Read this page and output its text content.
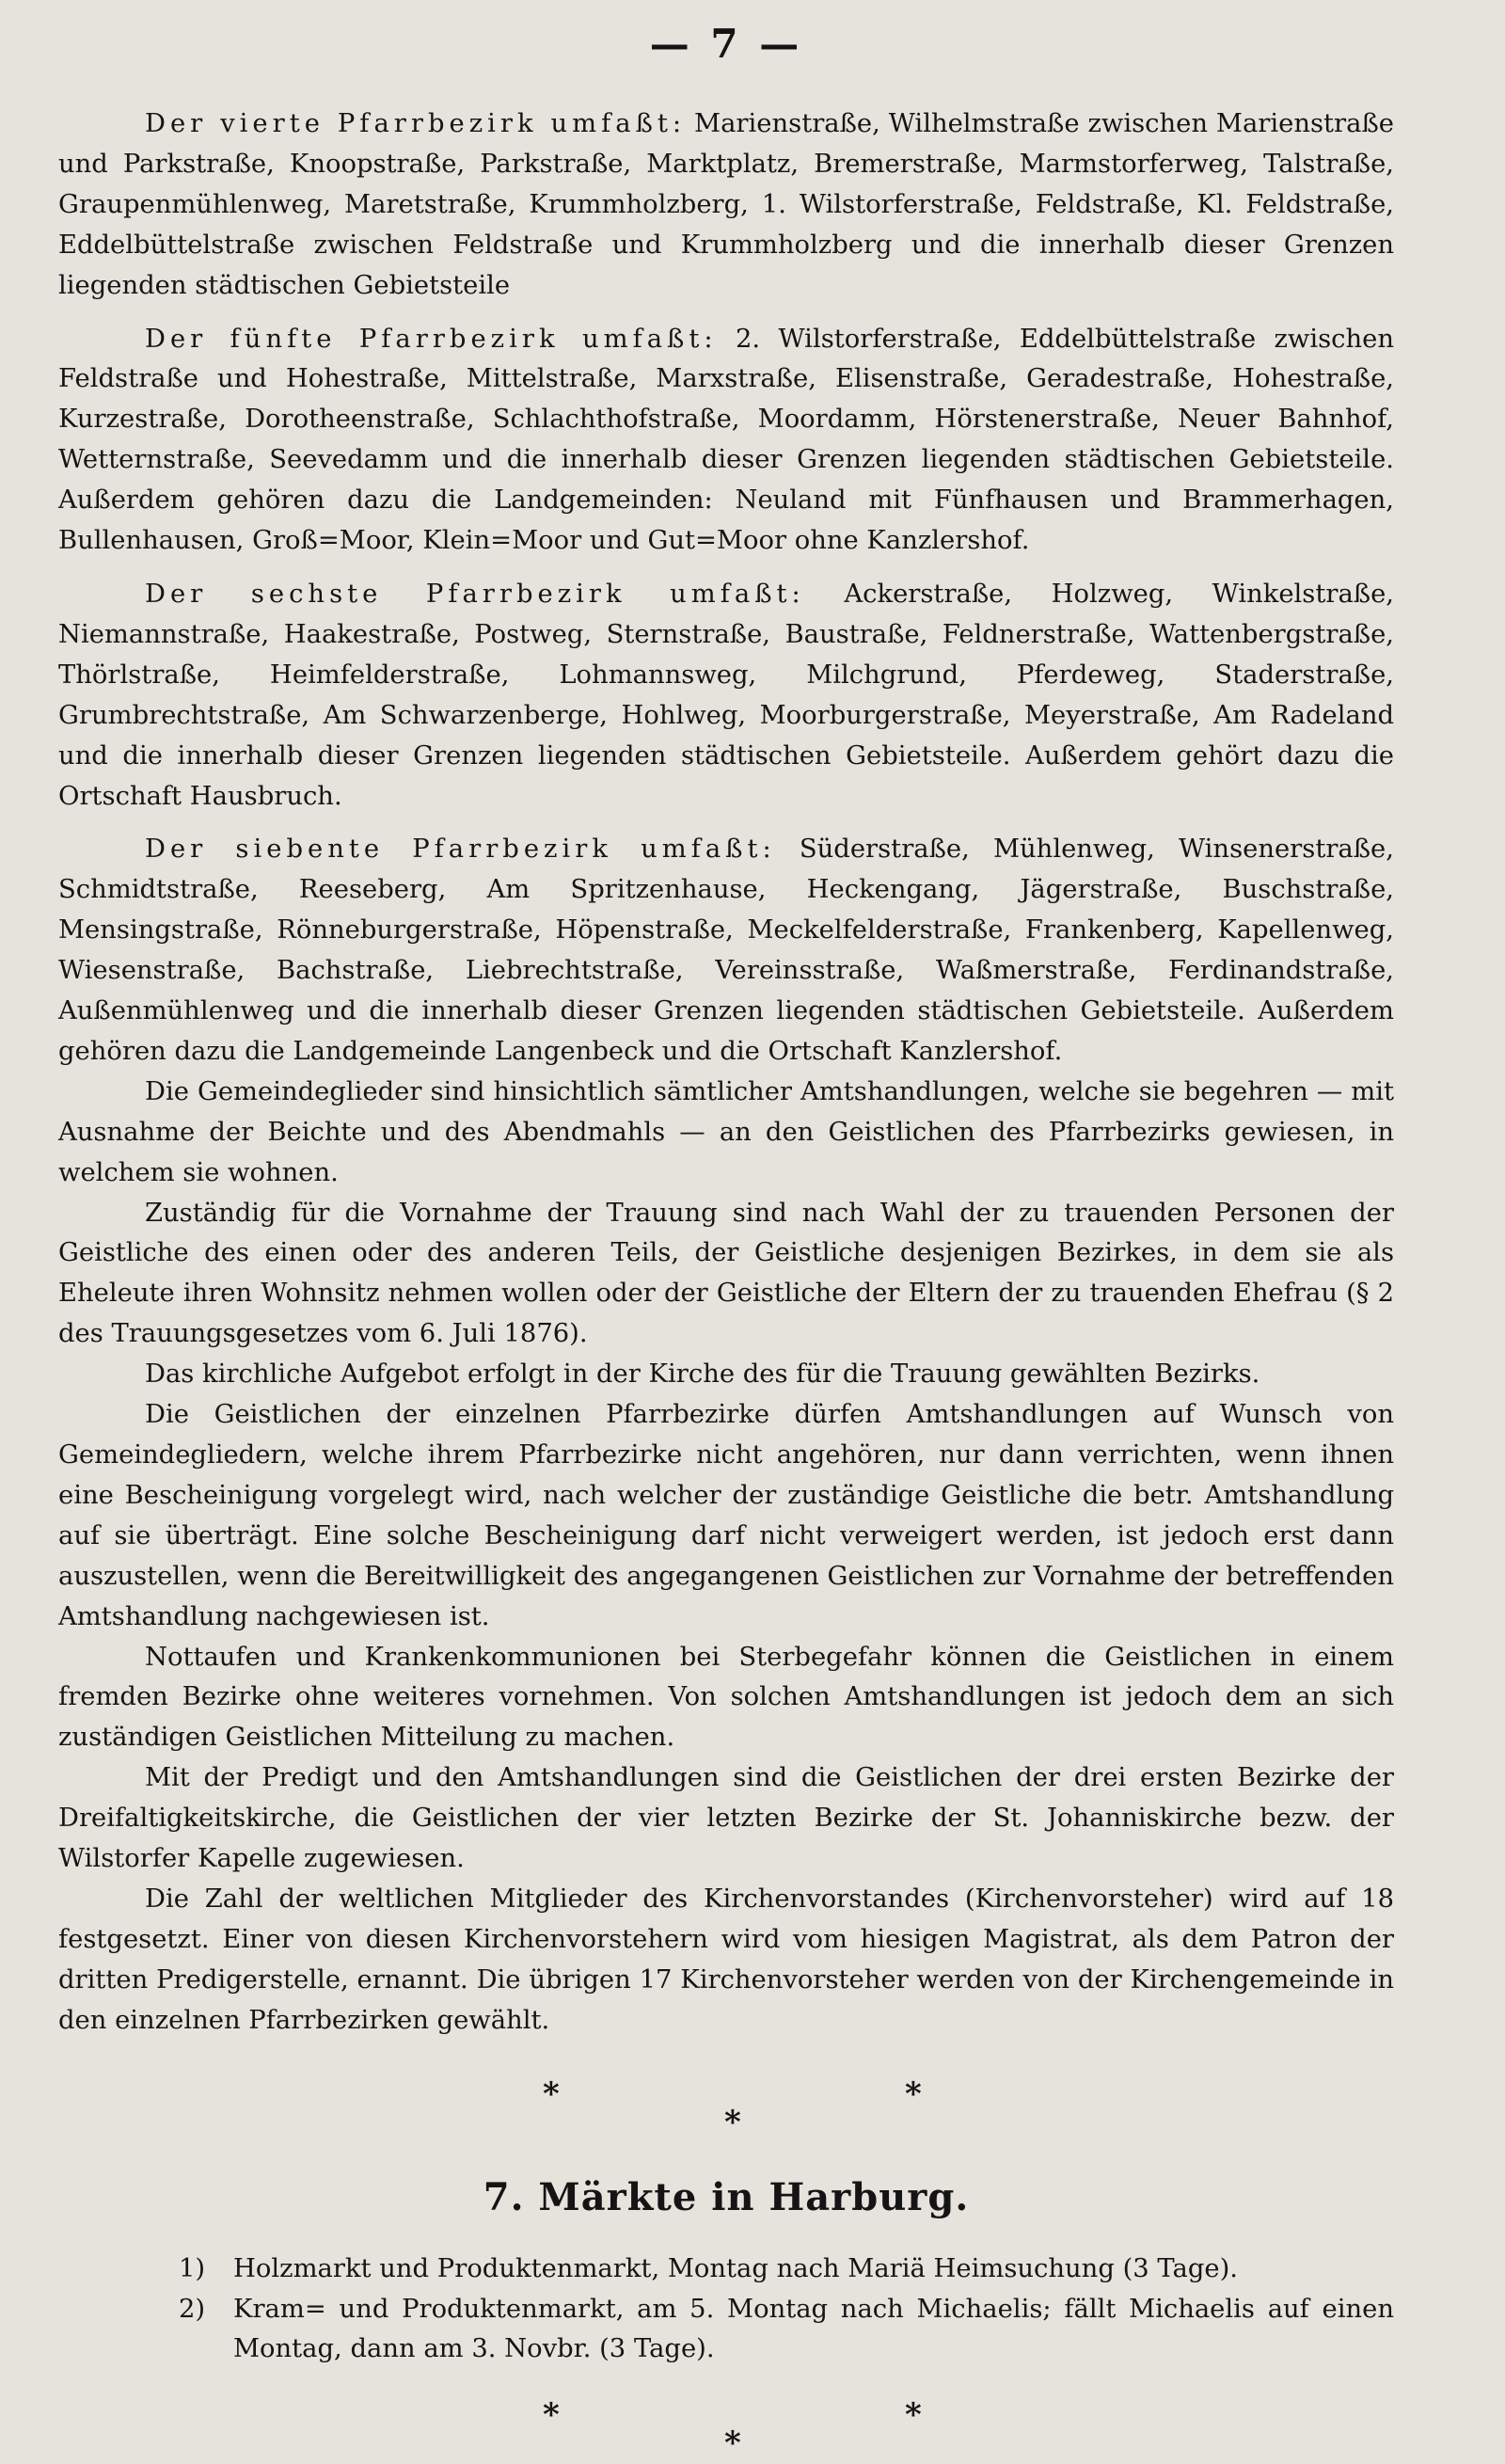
— 7 —

Der vierte Pfarrbezirk umfaßt: Marienstraße, Wilhelmstraße zwischen Marienstraße und Parkstraße, Knoopstraße, Parkstraße, Marktplatz, Bremerstraße, Marmstorferweg, Talstraße, Graupenmühlenweg, Maretstraße, Krummholzberg, 1. Wilstorferstraße, Feldstraße, Kl. Feldstraße, Eddelbüttelstraße zwischen Feldstraße und Krummholzberg und die innerhalb dieser Grenzen liegenden städtischen Gebietsteile

Der fünfte Pfarrbezirk umfaßt: 2. Wilstorferstraße, Eddelbüttelstraße zwischen Feldstraße und Hohestraße, Mittelstraße, Marxstraße, Elisenstraße, Geradestraße, Hohestraße, Kurzestraße, Dorotheenstraße, Schlachthofstraße, Moordamm, Hörstenerstraße, Neuer Bahnhof, Wetternstraße, Seevedamm und die innerhalb dieser Grenzen liegenden städtischen Gebietsteile. Außerdem gehören dazu die Landgemeinden: Neuland mit Fünfhausen und Brammerhagen, Bullenhausen, Groß=Moor, Klein=Moor und Gut=Moor ohne Kanzlershof.

Der sechste Pfarrbezirk umfaßt: Ackerstraße, Holzweg, Winkelstraße, Niemannstraße, Haakestraße, Postweg, Sternstraße, Baustraße, Feldnerstraße, Wattenbergstraße, Thörlstraße, Heimfelderstraße, Lohmannsweg, Milchgrund, Pferdeweg, Staderstraße, Grumbrechtstraße, Am Schwarzenberge, Hohlweg, Moorburgerstraße, Meyerstraße, Am Radeland und die innerhalb dieser Grenzen liegenden städtischen Gebietsteile. Außerdem gehört dazu die Ortschaft Hausbruch.

Der siebente Pfarrbezirk umfaßt: Süderstraße, Mühlenweg, Winsenerstraße, Schmidtstraße, Reeseberg, Am Spritzenhause, Heckengang, Jägerstraße, Buschstraße, Mensingstraße, Rönneburgerstraße, Höpenstraße, Meckelfelderstraße, Frankenberg, Kapellenweg, Wiesenstraße, Bachstraße, Liebrechtstraße, Vereinsstraße, Waßmerstraße, Ferdinandstraße, Außenmühlenweg und die innerhalb dieser Grenzen liegenden städtischen Gebietsteile. Außerdem gehören dazu die Landgemeinde Langenbeck und die Ortschaft Kanzlershof.

Die Gemeindeglieder sind hinsichtlich sämtlicher Amtshandlungen, welche sie begehren — mit Ausnahme der Beichte und des Abendmahls — an den Geistlichen des Pfarrbezirks gewiesen, in welchem sie wohnen.

Zuständig für die Vornahme der Trauung sind nach Wahl der zu trauenden Personen der Geistliche des einen oder des anderen Teils, der Geistliche desjenigen Bezirkes, in dem sie als Eheleute ihren Wohnsitz nehmen wollen oder der Geistliche der Eltern der zu trauenden Ehefrau (§ 2 des Trauungsgesetzes vom 6. Juli 1876).

Das kirchliche Aufgebot erfolgt in der Kirche des für die Trauung gewählten Bezirks.

Die Geistlichen der einzelnen Pfarrbezirke dürfen Amtshandlungen auf Wunsch von Gemeindegliedern, welche ihrem Pfarrbezirke nicht angehören, nur dann verrichten, wenn ihnen eine Bescheinigung vorgelegt wird, nach welcher der zuständige Geistliche die betr. Amtshandlung auf sie überträgt. Eine solche Bescheinigung darf nicht verweigert werden, ist jedoch erst dann auszustellen, wenn die Bereitwilligkeit des angegangenen Geistlichen zur Vornahme der betreffenden Amtshandlung nachgewiesen ist.

Nottaufen und Krankenkommunionen bei Sterbegefahr können die Geistlichen in einem fremden Bezirke ohne weiteres vornehmen. Von solchen Amtshandlungen ist jedoch dem an sich zuständigen Geistlichen Mitteilung zu machen.

Mit der Predigt und den Amtshandlungen sind die Geistlichen der drei ersten Bezirke der Dreifaltigkeitskirche, die Geistlichen der vier letzten Bezirke der St. Johanniskirche bezw. der Wilstorfer Kapelle zugewiesen.

Die Zahl der weltlichen Mitglieder des Kirchenvorstandes (Kirchenvorsteher) wird auf 18 festgesetzt. Einer von diesen Kirchenvorstehern wird vom hiesigen Magistrat, als dem Patron der dritten Predigerstelle, ernannt. Die übrigen 17 Kirchenvorsteher werden von der Kirchengemeinde in den einzelnen Pfarrbezirken gewählt.

*
*
*
7. Märkte in Harburg.
1)	Holzmarkt und Produktenmarkt, Montag nach Mariä Heimsuchung (3 Tage).
2)	Kram= und Produktenmarkt, am 5. Montag nach Michaelis; fällt Michaelis auf einen Montag, dann am 3. Novbr. (3 Tage).
*
*
*
